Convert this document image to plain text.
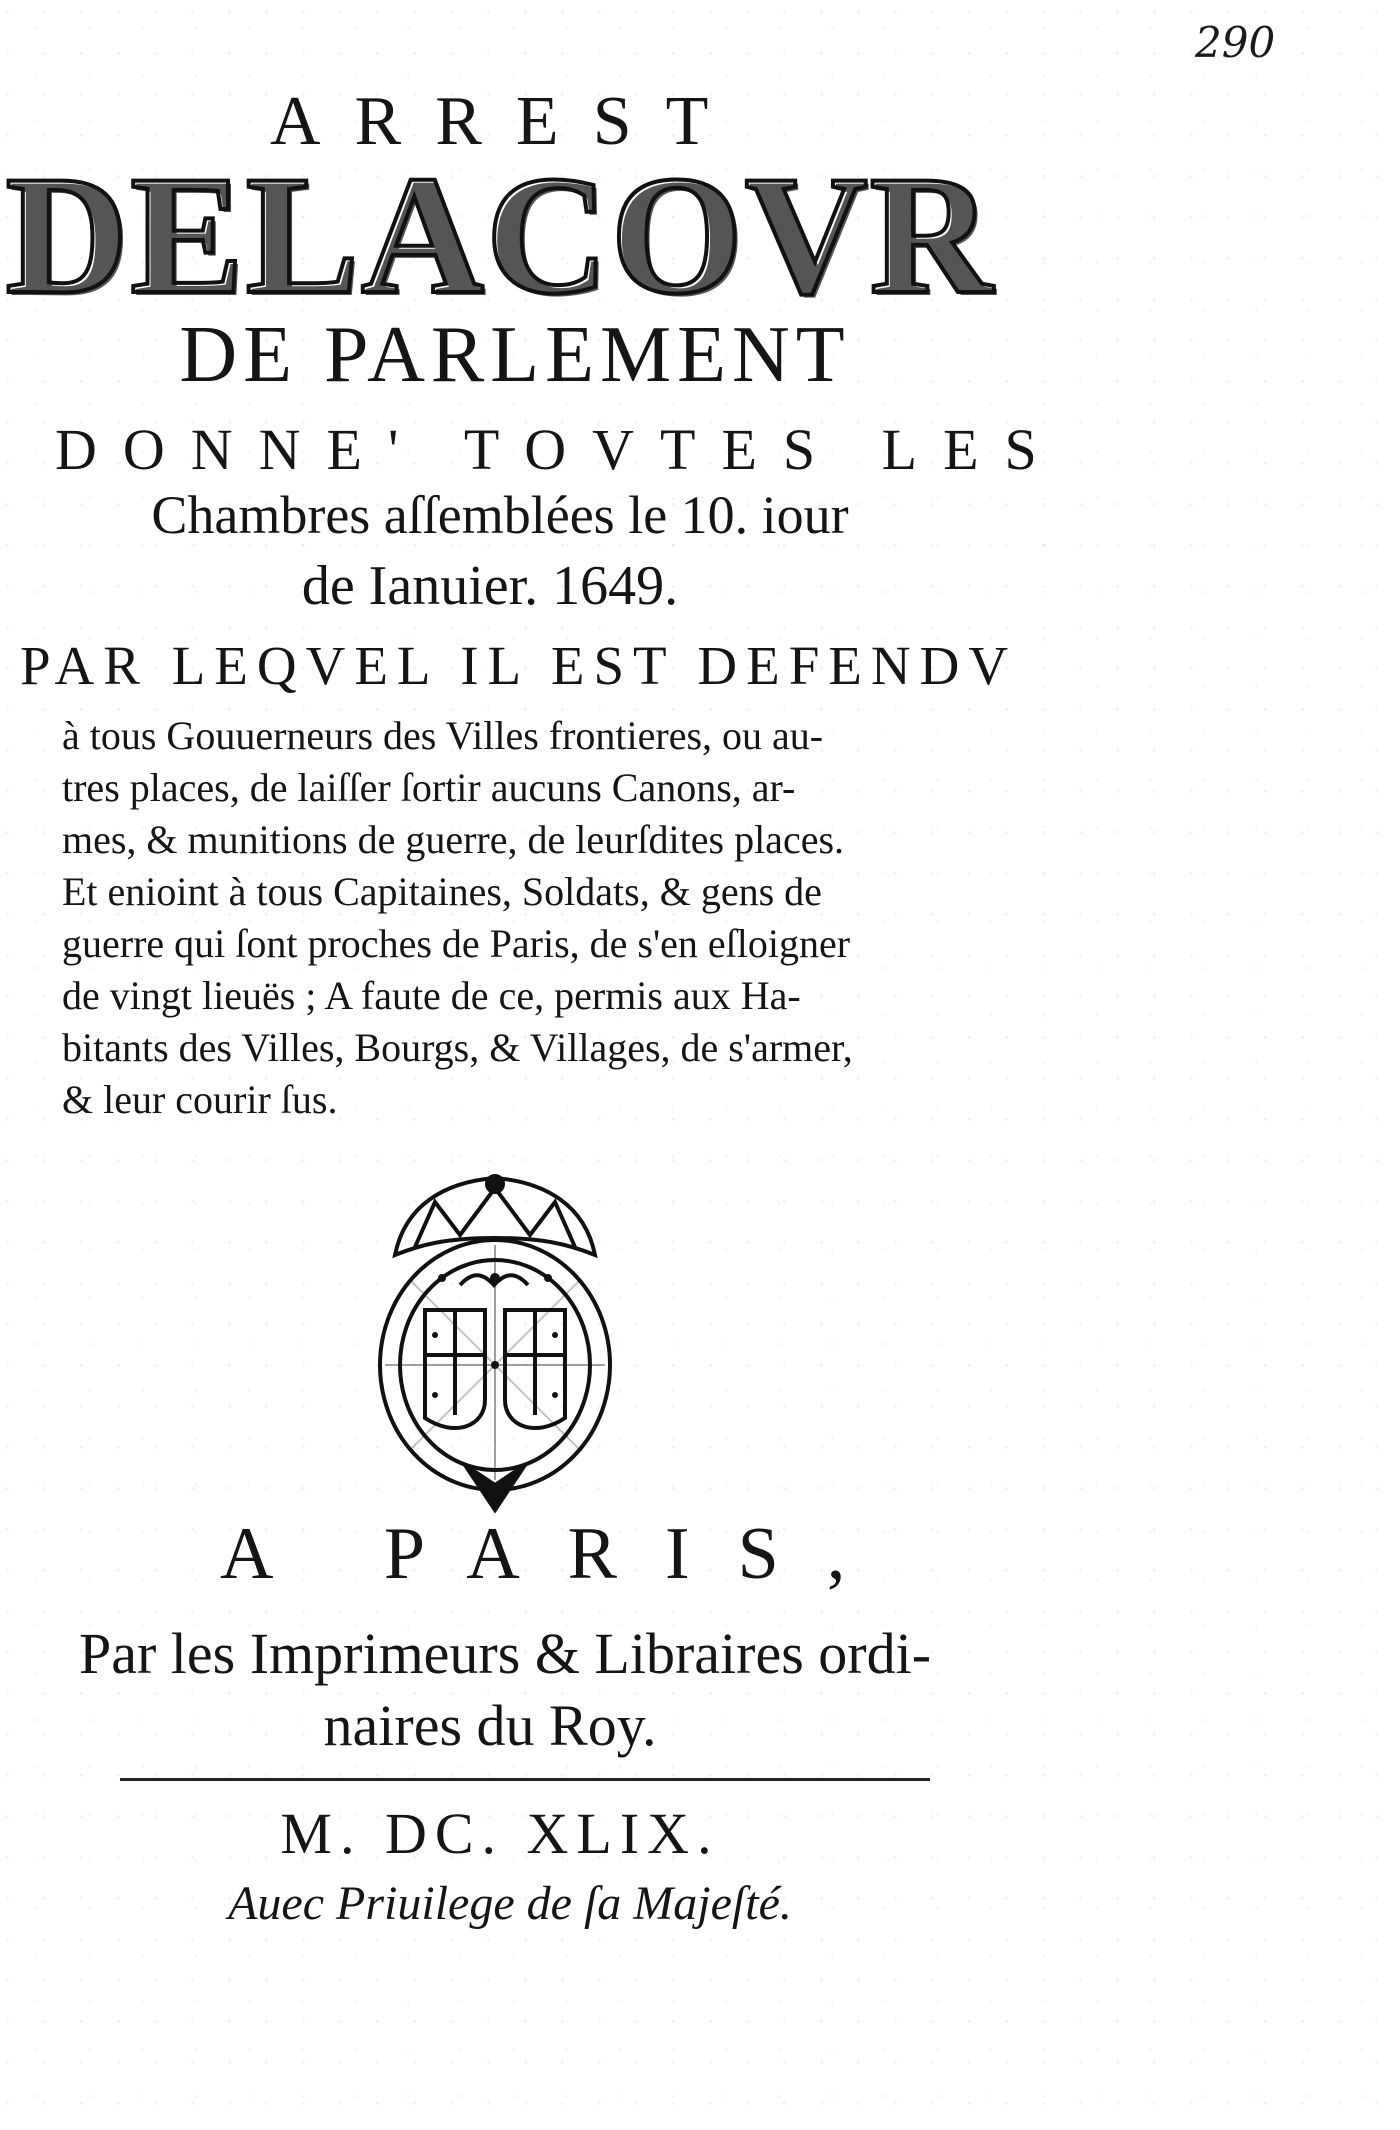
290
ARREST
DELACOVR
DE PARLEMENT
DONNE' TOVTES LES
Chambres aſſemblées le 10. iour
de Ianuier. 1649.
PAR LEQVEL IL EST DEFENDV
à tous Gouuerneurs des Villes frontieres, ou au-
tres places, de laiſſer ſortir aucuns Canons, ar-
mes, & munitions de guerre, de leurſdites places.
Et enioint à tous Capitaines, Soldats, & gens de
guerre qui ſont proches de Paris, de s'en eſloigner
de vingt lieuës ; A faute de ce, permis aux Ha-
bitants des Villes, Bourgs, & Villages, de s'armer,
& leur courir ſus.
A PARIS,
Par les Imprimeurs & Libraires ordi-
naires du Roy.
M. DC. XLIX.
Auec Priuilege de ſa Majeſté.
